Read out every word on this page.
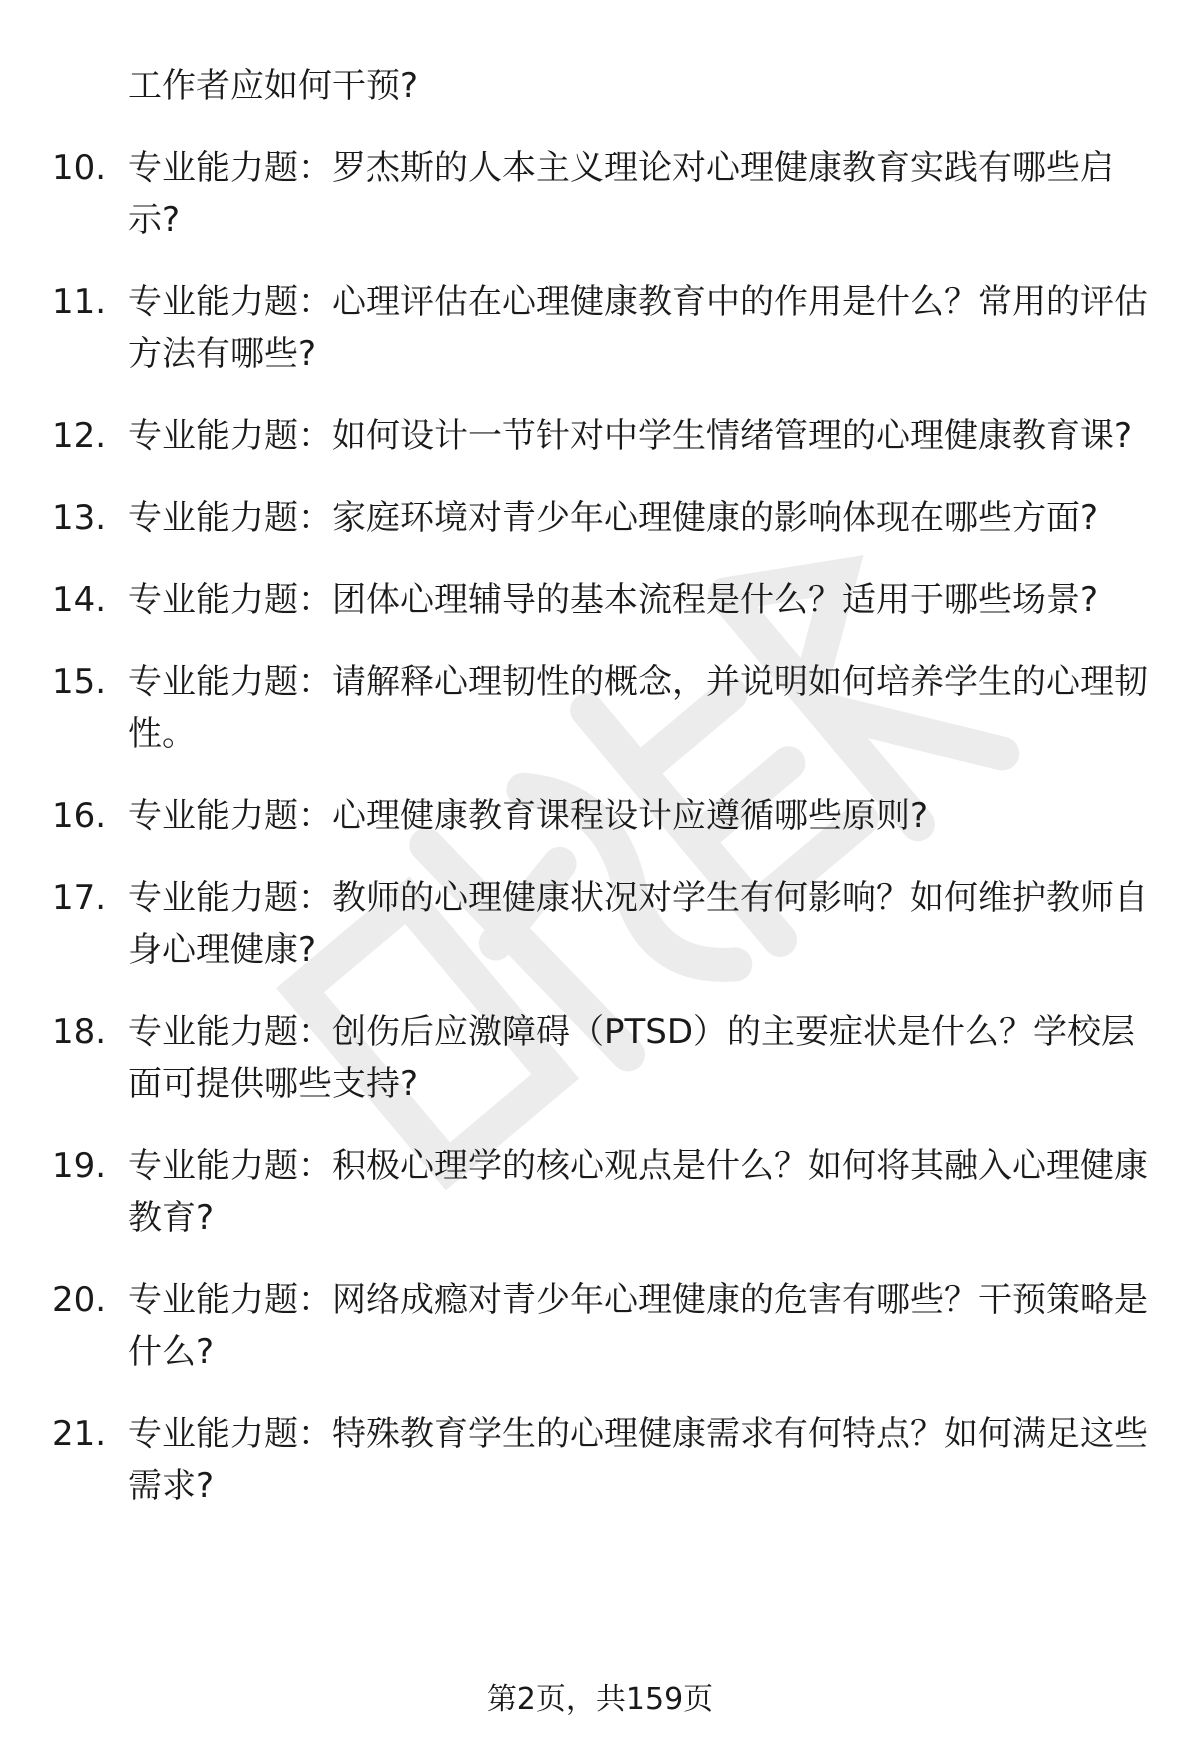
工作者应如何干预?
10. 专业能力题：罗杰斯的人本主义理论对心理健康教育实践有哪些启示?
11. 专业能力题：心理评估在心理健康教育中的作用是什么？常用的评估方法有哪些?
12. 专业能力题：如何设计一节针对中学生情绪管理的心理健康教育课?
13. 专业能力题：家庭环境对青少年心理健康的影响体现在哪些方面?
14. 专业能力题：团体心理辅导的基本流程是什么？适用于哪些场景?
15. 专业能力题：请解释心理韧性的概念，并说明如何培养学生的心理韧性。
16. 专业能力题：心理健康教育课程设计应遵循哪些原则?
17. 专业能力题：教师的心理健康状况对学生有何影响？如何维护教师自身心理健康?
18. 专业能力题：创伤后应激障碍（PTSD）的主要症状是什么？学校层面可提供哪些支持?
19. 专业能力题：积极心理学的核心观点是什么？如何将其融入心理健康教育?
20. 专业能力题：网络成瘾对青少年心理健康的危害有哪些？干预策略是什么?
21. 专业能力题：特殊教育学生的心理健康需求有何特点？如何满足这些需求?
第2页，共159页
